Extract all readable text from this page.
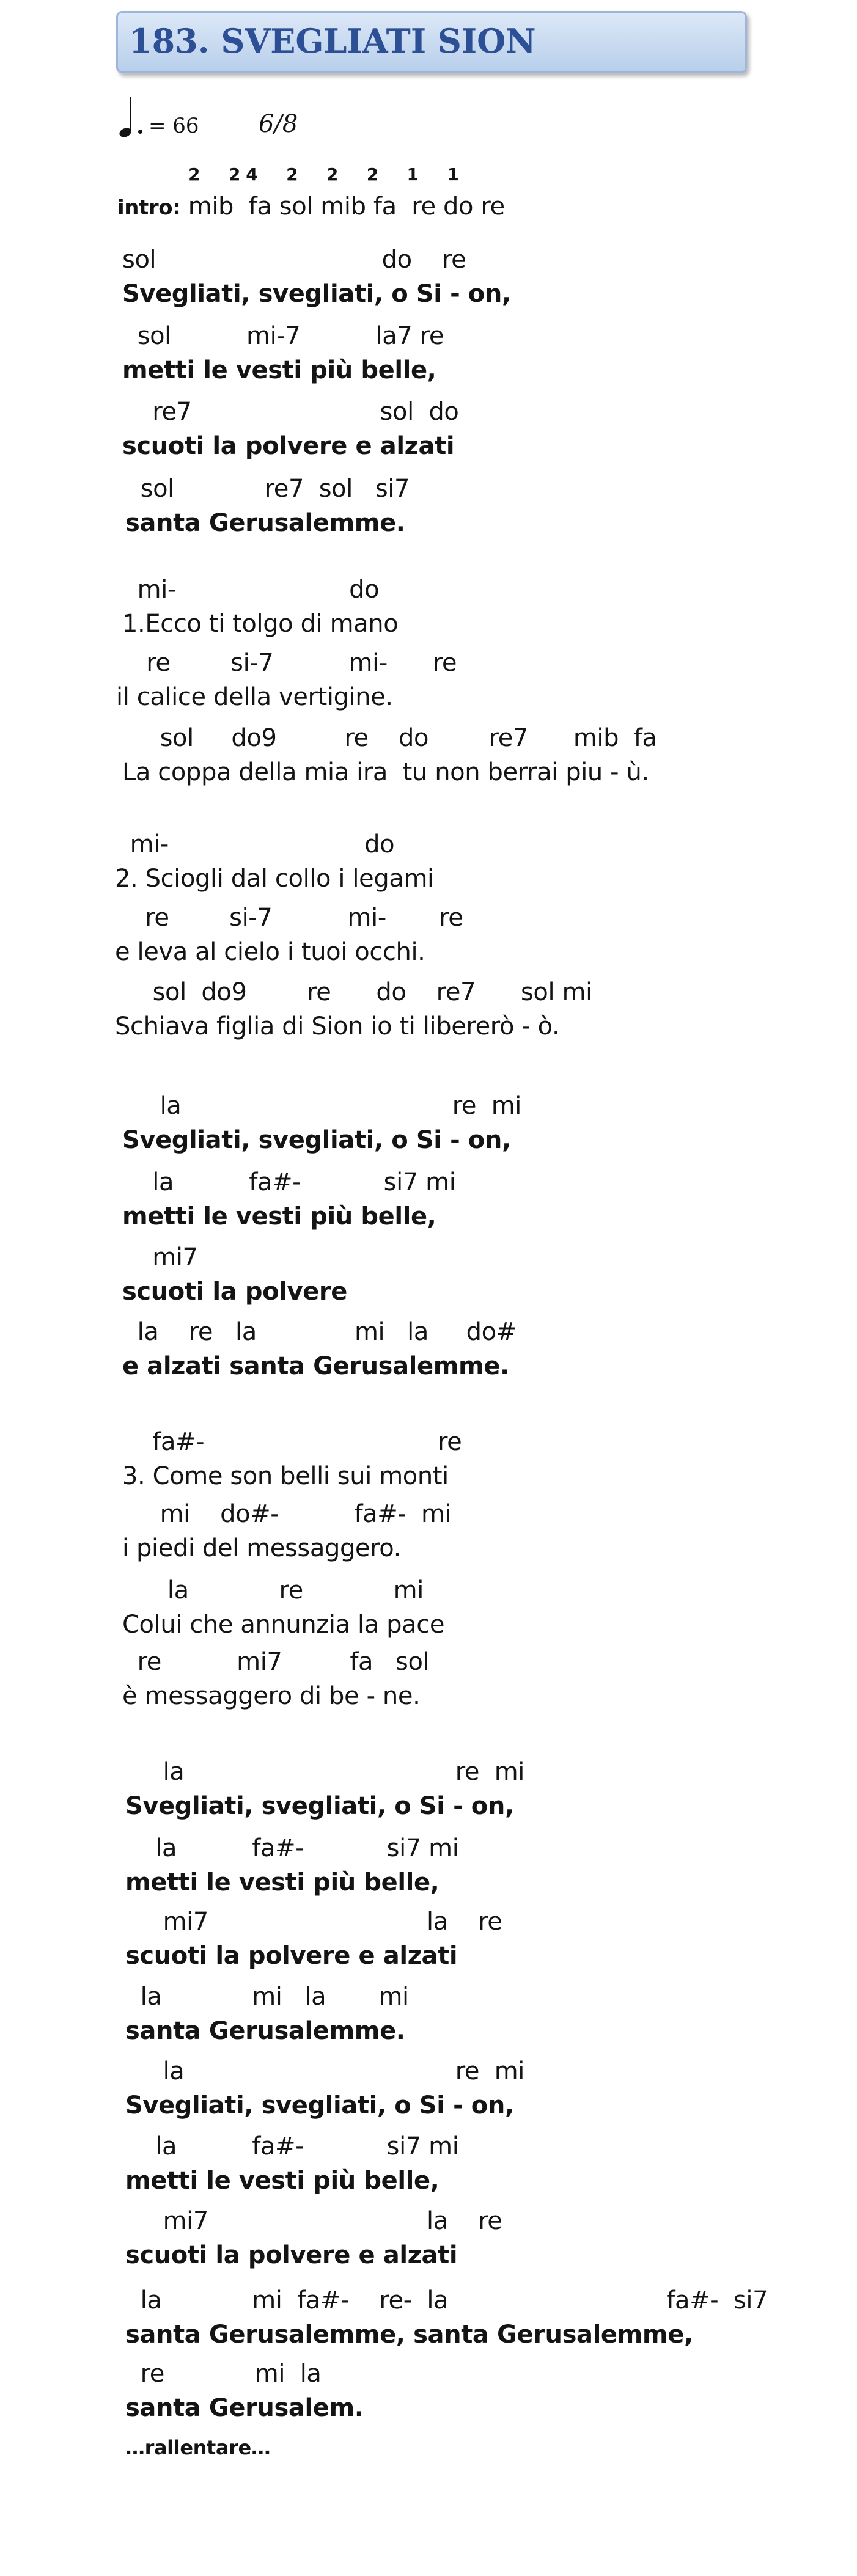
183. SVEGLIATI SION
= 66 6/8
2     2 4     2     2     2     1     1
intro: mib  fa sol mib fa  re do re
sol                              do    re
Svegliati, svegliati, o Si - on,
sol          mi-7          la7 re
metti le vesti più belle,
re7                         sol  do
scuoti la polvere e alzati
sol            re7  sol   si7
santa Gerusalemme.
mi-                       do
1.Ecco ti tolgo di mano
re        si-7          mi-      re
il calice della vertigine.
sol     do9         re    do        re7      mib  fa
La coppa della mia ira  tu non berrai piu - ù.
mi-                          do
2. Sciogli dal collo i legami
re        si-7          mi-       re
e leva al cielo i tuoi occhi.
sol  do9        re      do    re7      sol mi
Schiava figlia di Sion io ti libererò - ò.
la                                    re  mi
Svegliati, svegliati, o Si - on,
la          fa#-           si7 mi
metti le vesti più belle,
mi7
scuoti la polvere
la    re   la             mi   la     do#
e alzati santa Gerusalemme.
fa#-                               re
3. Come son belli sui monti
mi    do#-          fa#-  mi
i piedi del messaggero.
la            re            mi
Colui che annunzia la pace
re          mi7         fa   sol
è messaggero di be - ne.
la                                    re  mi
Svegliati, svegliati, o Si - on,
la          fa#-           si7 mi
metti le vesti più belle,
mi7                             la    re
scuoti la polvere e alzati
la            mi   la       mi
santa Gerusalemme.
la                                    re  mi
Svegliati, svegliati, o Si - on,
la          fa#-           si7 mi
metti le vesti più belle,
mi7                             la    re
scuoti la polvere e alzati
la            mi  fa#-    re-  la                             fa#-  si7
santa Gerusalemme, santa Gerusalemme,
re            mi  la
santa Gerusalem.
…rallentare…
